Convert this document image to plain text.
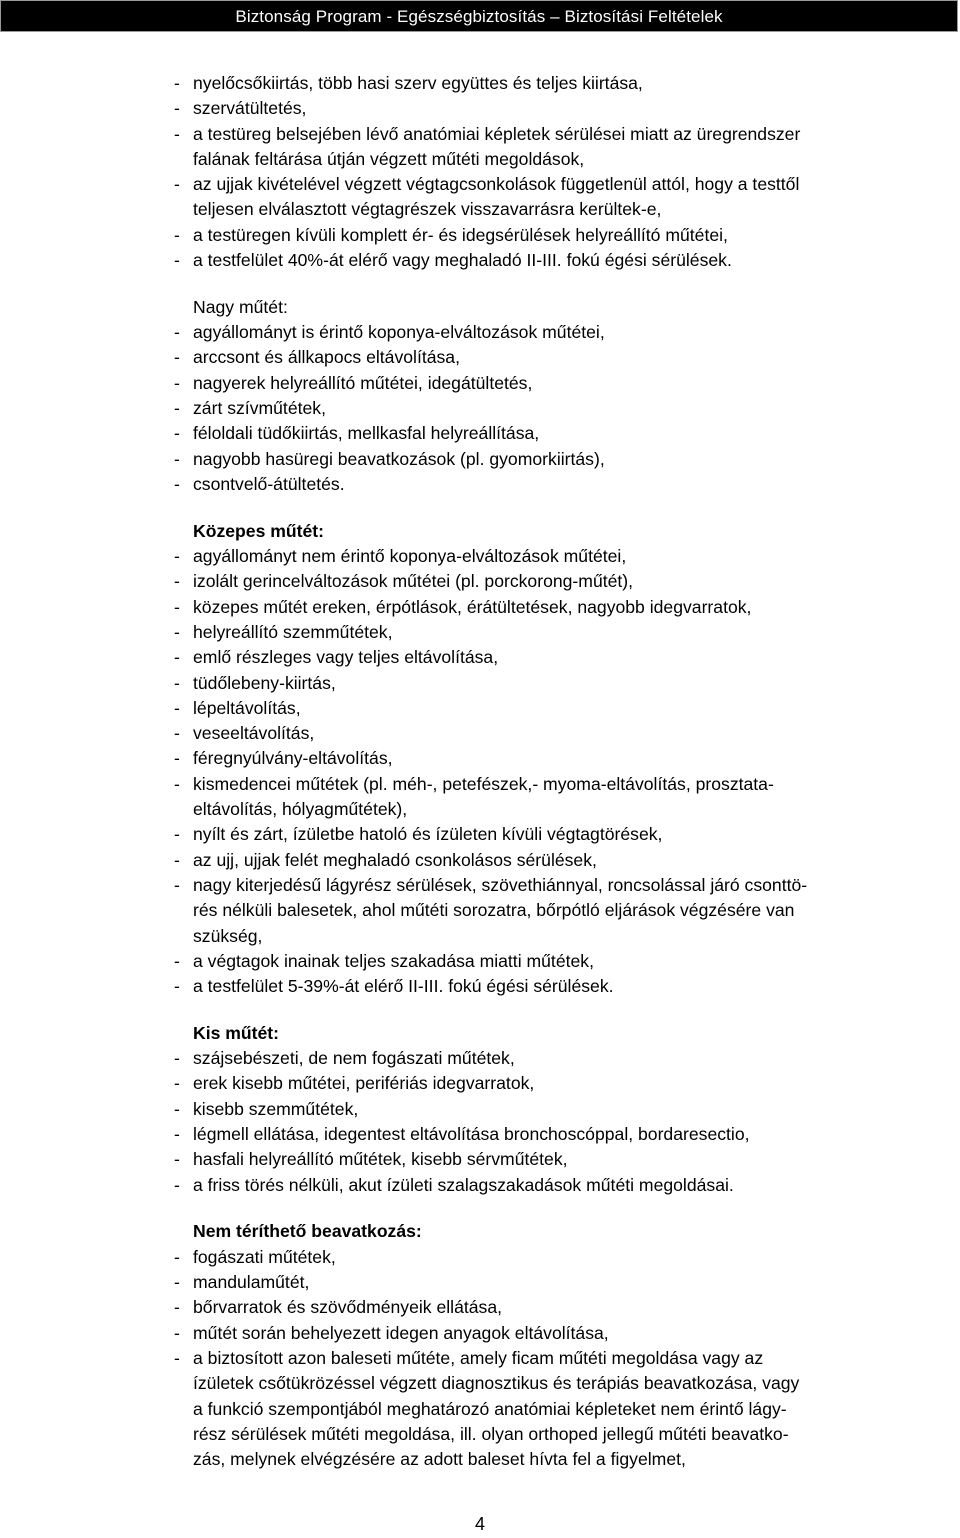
Biztonság Program - Egészségbiztosítás – Biztosítási Feltételek
- nyelőcsőkiirtás, több hasi szerv együttes és teljes kiirtása,
- szervátültetés,
- a testüreg belsejében lévő anatómiai képletek sérülései miatt az üregrendszer
falának feltárása útján végzett műtéti megoldások,
- az ujjak kivételével végzett végtagcsonkolások függetlenül attól, hogy a testtől
teljesen elválasztott végtagrészek visszavarrásra kerültek-e,
- a testüregen kívüli komplett ér- és idegsérülések helyreállító műtétei,
- a testfelület 40%-át elérő vagy meghaladó II-III. fokú égési sérülések.
Nagy műtét:
- agyállományt is érintő koponya-elváltozások műtétei,
- arccsont és állkapocs eltávolítása,
- nagyerek helyreállító műtétei, idegátültetés,
- zárt szívműtétek,
- féloldali tüdőkiirtás, mellkasfal helyreállítása,
- nagyobb hasüregi beavatkozások (pl. gyomorkiirtás),
- csontvelő-átültetés.
Közepes műtét:
- agyállományt nem érintő koponya-elváltozások műtétei,
- izolált gerincelváltozások műtétei (pl. porckorong-műtét),
- közepes műtét ereken, érpótlások, érátültetések, nagyobb idegvarratok,
- helyreállító szemműtétek,
- emlő részleges vagy teljes eltávolítása,
- tüdőlebeny-kiirtás,
- lépeltávolítás,
- veseeltávolítás,
- féregnyúlvány-eltávolítás,
- kismedencei műtétek (pl. méh-, petefészek,- myoma-eltávolítás, prosztata-
eltávolítás, hólyagműtétek),
- nyílt és zárt, ízületbe hatoló és ízületen kívüli végtagtörések,
- az ujj, ujjak felét meghaladó csonkolásos sérülések,
- nagy kiterjedésű lágyrész sérülések, szövethiánnyal, roncsolással járó csonttö-
rés nélküli balesetek, ahol műtéti sorozatra, bőrpótló eljárások végzésére van
szükség,
- a végtagok inainak teljes szakadása miatti műtétek,
- a testfelület 5-39%-át elérő II-III. fokú égési sérülések.
Kis műtét:
- szájsebészeti, de nem fogászati műtétek,
- erek kisebb műtétei, perifériás idegvarratok,
- kisebb szemműtétek,
- légmell ellátása, idegentest eltávolítása bronchoscóppal, bordaresectio,
- hasfali helyreállító műtétek, kisebb sérvműtétek,
- a friss törés nélküli, akut ízületi szalagszakadások műtéti megoldásai.
Nem téríthető beavatkozás:
- fogászati műtétek,
- mandulaműtét,
- bőrvarratok és szövődményeik ellátása,
- műtét során behelyezett idegen anyagok eltávolítása,
- a biztosított azon baleseti műtéte, amely ficam műtéti megoldása vagy az
ízületek csőtükrözéssel végzett diagnosztikus és terápiás beavatkozása, vagy
a funkció szempontjából meghatározó anatómiai képleteket nem érintő lágy-
rész sérülések műtéti megoldása, ill. olyan orthoped jellegű műtéti beavatko-
zás, melynek elvégzésére az adott baleset hívta fel a figyelmet,
4
